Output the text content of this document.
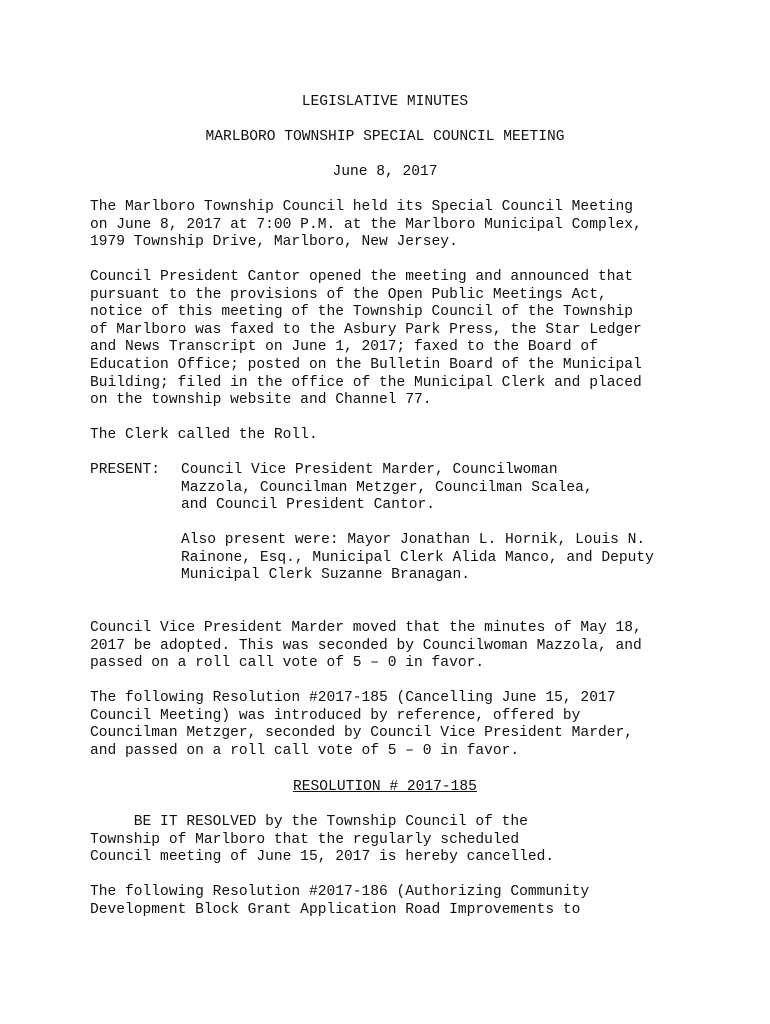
LEGISLATIVE MINUTES
MARLBORO TOWNSHIP SPECIAL COUNCIL MEETING
June 8, 2017
The Marlboro Township Council held its Special Council Meeting
on June 8, 2017 at 7:00 P.M. at the Marlboro Municipal Complex,
1979 Township Drive, Marlboro, New Jersey.
Council President Cantor opened the meeting and announced that
pursuant to the provisions of the Open Public Meetings Act,
notice of this meeting of the Township Council of the Township
of Marlboro was faxed to the Asbury Park Press, the Star Ledger
and News Transcript on June 1, 2017; faxed to the Board of
Education Office; posted on the Bulletin Board of the Municipal
Building; filed in the office of the Municipal Clerk and placed
on the township website and Channel 77.
The Clerk called the Roll.
PRESENT: Council Vice President Marder, Councilwoman
Mazzola, Councilman Metzger, Councilman Scalea,
and Council President Cantor.
Also present were: Mayor Jonathan L. Hornik, Louis N.
Rainone, Esq., Municipal Clerk Alida Manco, and Deputy
Municipal Clerk Suzanne Branagan.
Council Vice President Marder moved that the minutes of May 18,
2017 be adopted. This was seconded by Councilwoman Mazzola, and
passed on a roll call vote of 5 – 0 in favor.
The following Resolution #2017-185 (Cancelling June 15, 2017
Council Meeting) was introduced by reference, offered by
Councilman Metzger, seconded by Council Vice President Marder,
and passed on a roll call vote of 5 – 0 in favor.
RESOLUTION # 2017-185
BE IT RESOLVED by the Township Council of the
Township of Marlboro that the regularly scheduled
Council meeting of June 15, 2017 is hereby cancelled.
The following Resolution #2017-186 (Authorizing Community
Development Block Grant Application Road Improvements to
